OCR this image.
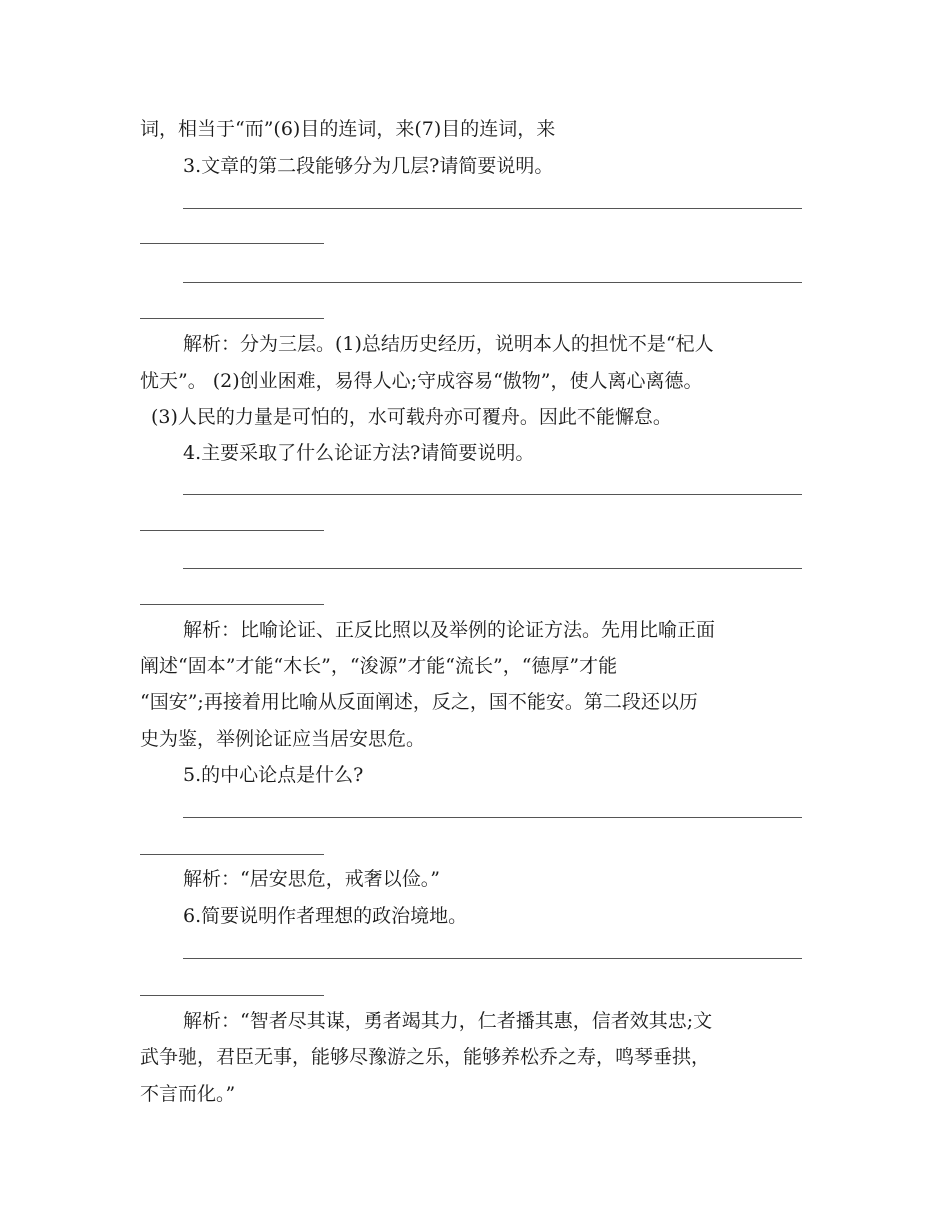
词，相当于“而”(6)目的连词，来(7)目的连词，来
3.文章的第二段能够分为几层?请简要说明。
解析：分为三层。(1)总结历史经历，说明本人的担忧不是“杞人
忧天”。 (2)创业困难，易得人心;守成容易“傲物”，使人离心离德。
(3)人民的力量是可怕的，水可载舟亦可覆舟。因此不能懈怠。
4.主要采取了什么论证方法?请简要说明。
解析：比喻论证、正反比照以及举例的论证方法。先用比喻正面
阐述“固本”才能“木长”，“浚源”才能“流长”，“德厚”才能
“国安”;再接着用比喻从反面阐述，反之，国不能安。第二段还以历
史为鉴，举例论证应当居安思危。
5.的中心论点是什么?
解析：“居安思危，戒奢以俭。”
6.简要说明作者理想的政治境地。
解析：“智者尽其谋，勇者竭其力，仁者播其惠，信者效其忠;文
武争驰，君臣无事，能够尽豫游之乐，能够养松乔之寿，鸣琴垂拱，
不言而化。”
